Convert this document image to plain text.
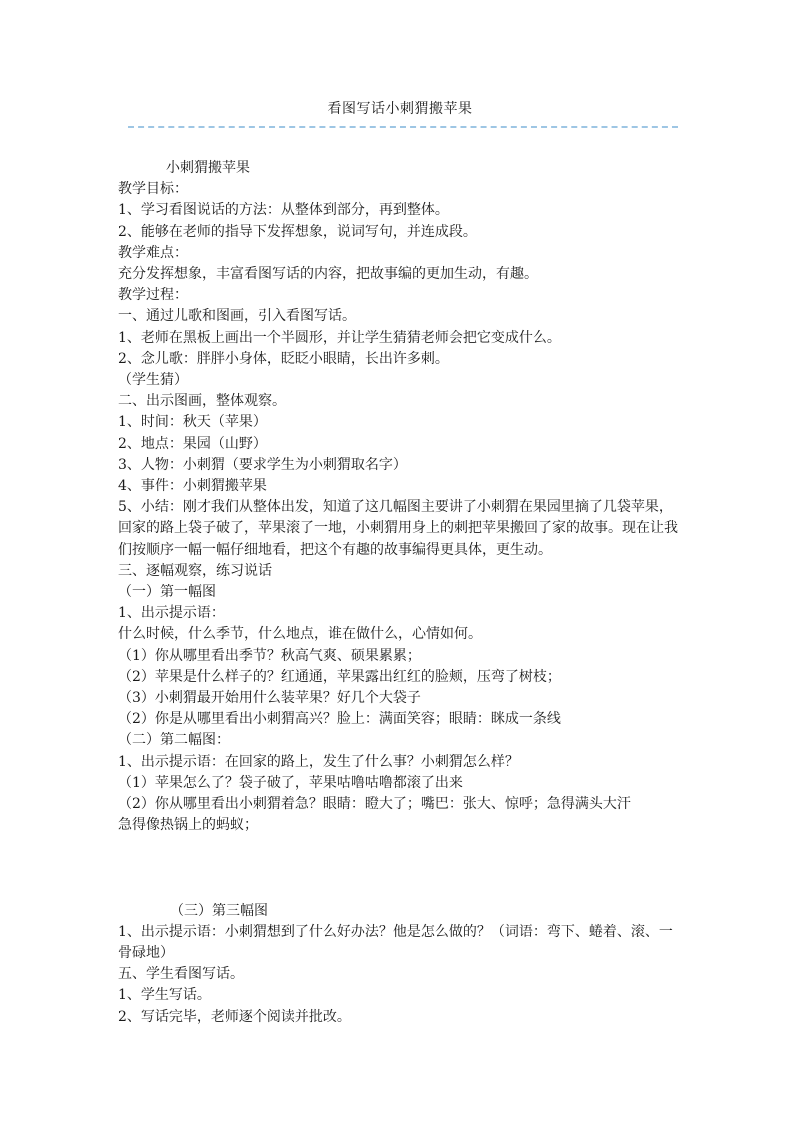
看图写话小刺猬搬苹果
小刺猬搬苹果
教学目标：
1、学习看图说话的方法：从整体到部分，再到整体。
2、能够在老师的指导下发挥想象，说词写句，并连成段。
教学难点：
充分发挥想象，丰富看图写话的内容，把故事编的更加生动，有趣。
教学过程：
一、通过儿歌和图画，引入看图写话。
1、老师在黑板上画出一个半圆形，并让学生猜猜老师会把它变成什么。
2、念儿歌：胖胖小身体，眨眨小眼睛，长出许多刺。
（学生猜）
二、出示图画，整体观察。
1、时间：秋天（苹果）
2、地点：果园（山野）
3、人物：小刺猬（要求学生为小刺猬取名字）
4、事件：小刺猬搬苹果
5、小结：刚才我们从整体出发，知道了这几幅图主要讲了小刺猬在果园里摘了几袋苹果，回家的路上袋子破了，苹果滚了一地，小刺猬用身上的刺把苹果搬回了家的故事。现在让我们按顺序一幅一幅仔细地看，把这个有趣的故事编得更具体，更生动。
三、逐幅观察，练习说话
（一）第一幅图
1、出示提示语：
什么时候，什么季节，什么地点，谁在做什么，心情如何。
（1）你从哪里看出季节？秋高气爽、硕果累累；
（2）苹果是什么样子的？红通通，苹果露出红红的脸颊，压弯了树枝；
（3）小刺猬最开始用什么装苹果？好几个大袋子
（2）你是从哪里看出小刺猬高兴？脸上：满面笑容；眼睛：眯成一条线
（二）第二幅图：
1、出示提示语：在回家的路上，发生了什么事？小刺猬怎么样？
（1）苹果怎么了？袋子破了，苹果咕噜咕噜都滚了出来
（2）你从哪里看出小刺猬着急？眼睛：瞪大了；嘴巴：张大、惊呼；急得满头大汗
急得像热锅上的蚂蚁；
（三）第三幅图
1、出示提示语：小刺猬想到了什么好办法？他是怎么做的？（词语：弯下、蜷着、滚、一骨碌地）
五、学生看图写话。
1、学生写话。
2、写话完毕，老师逐个阅读并批改。
